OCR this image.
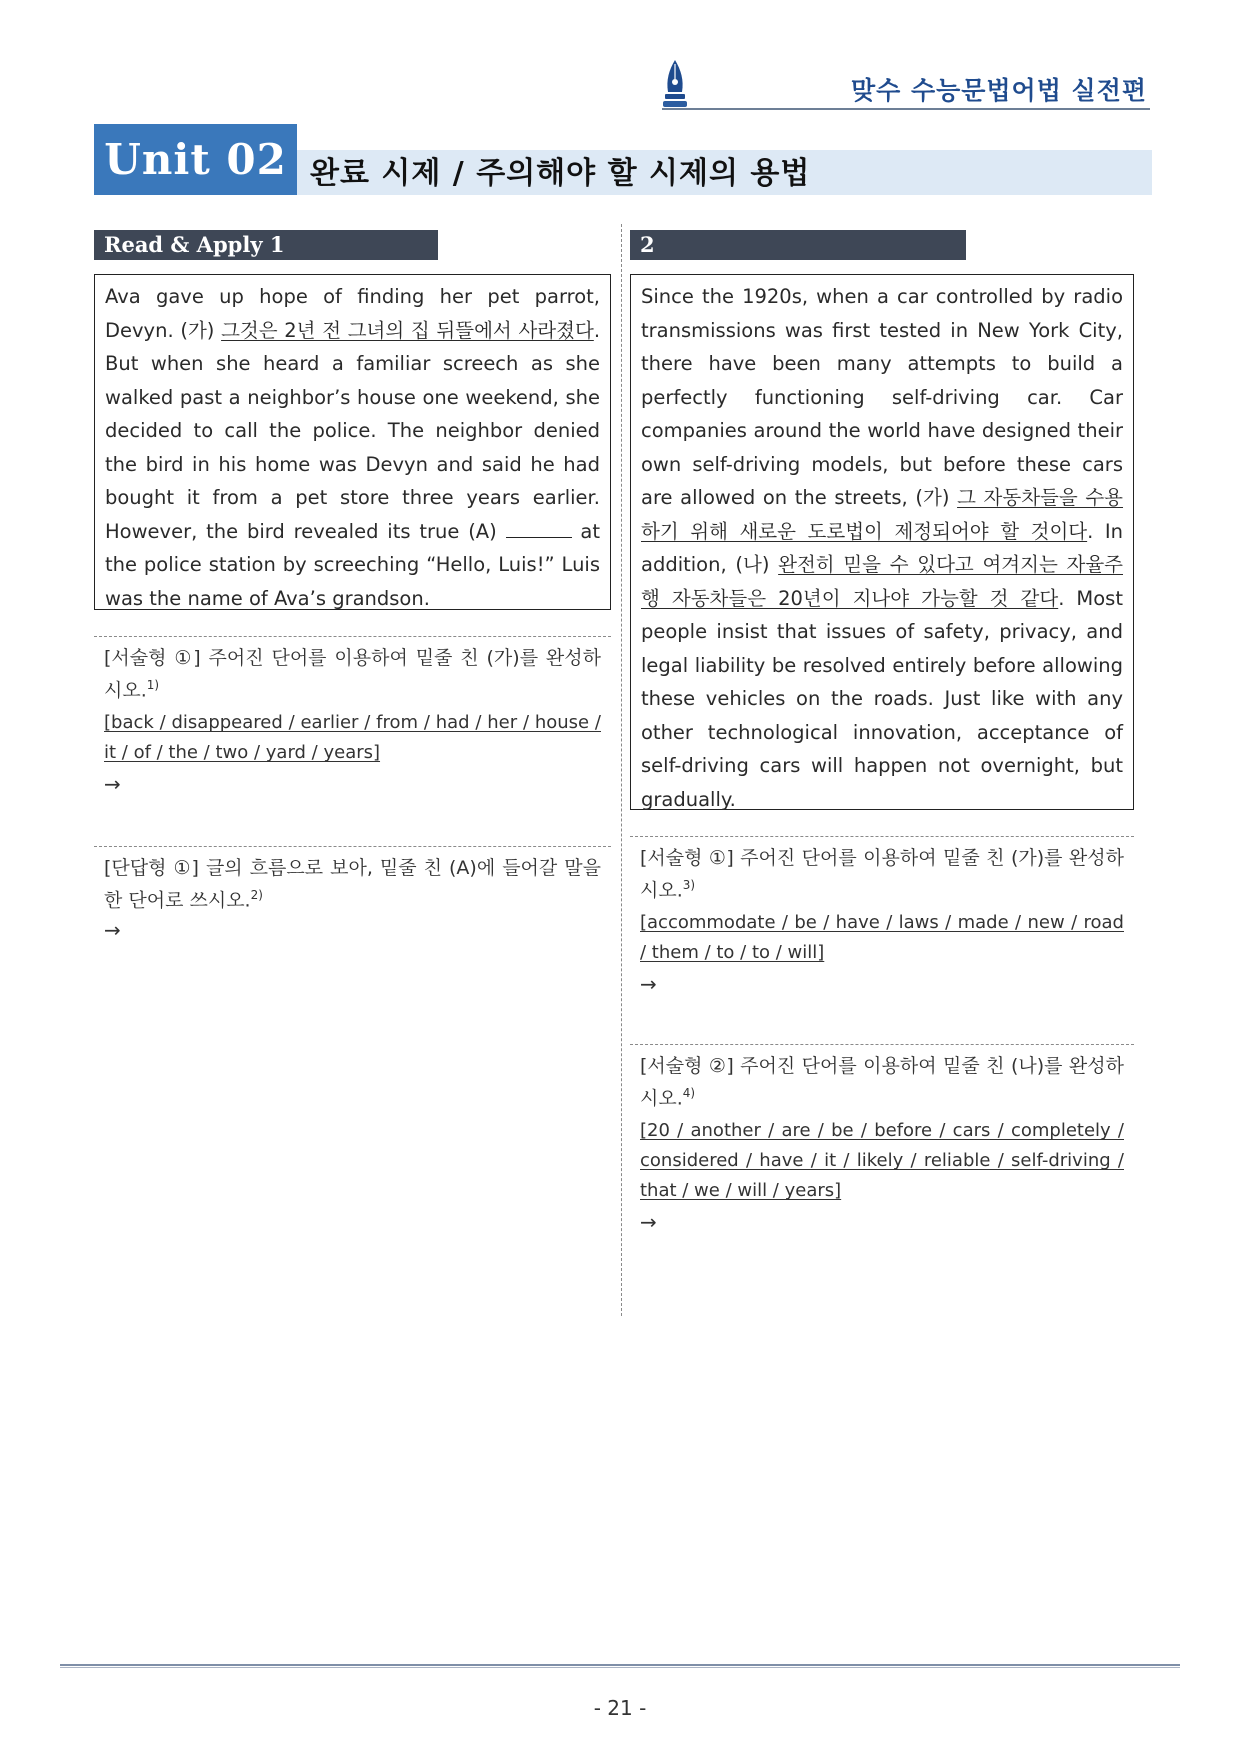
맞수 수능문법어법 실전편
Unit 02 완료 시제 / 주의해야 할 시제의 용법
Read & Apply 1
Ava gave up hope of finding her pet parrot, Devyn. (가) 그것은 2년 전 그녀의 집 뒤뜰에서 사라졌다. But when she heard a familiar screech as she walked past a neighbor’s house one weekend, she decided to call the police. The neighbor denied the bird in his home was Devyn and said he had bought it from a pet store three years earlier. However, the bird revealed its true (A)	at the police station by screeching “Hello, Luis!” Luis was the name of Ava’s grandson.
[서술형 ①] 주어진 단어를 이용하여 밑줄 친 (가)를 완성하시오.$^{1)}$
[back / disappeared / earlier / from / had / her / house / it / of / the / two / yard / years]
→
[단답형 ①] 글의 흐름으로 보아, 밑줄 친 (A)에 들어갈 말을 한 단어로 쓰시오.$^{2)}$
→
2
Since the 1920s, when a car controlled by radio transmissions was first tested in New York City, there have been many attempts to build a perfectly functioning self-driving car. Car companies around the world have designed their own self-driving models, but before these cars are allowed on the streets, (가) 그 자동차들을 수용하기 위해 새로운 도로법이 제정되어야 할 것이다. In addition, (나) 완전히 믿을 수 있다고 여겨지는 자율주행 자동차들은 20년이 지나야 가능할 것 같다. Most people insist that issues of safety, privacy, and legal liability be resolved entirely before allowing these vehicles on the roads. Just like with any other technological innovation, acceptance of self-driving cars will happen not overnight, but gradually.
[서술형 ①] 주어진 단어를 이용하여 밑줄 친 (가)를 완성하시오.$^{3)}$
[accommodate / be / have / laws / made / new / road / them / to / to / will]
→
[서술형 ②] 주어진 단어를 이용하여 밑줄 친 (나)를 완성하시오.$^{4)}$
[20 / another / are / be / before / cars / completely / considered / have / it / likely / reliable / self-driving / that / we / will / years]
→
- 21 -
